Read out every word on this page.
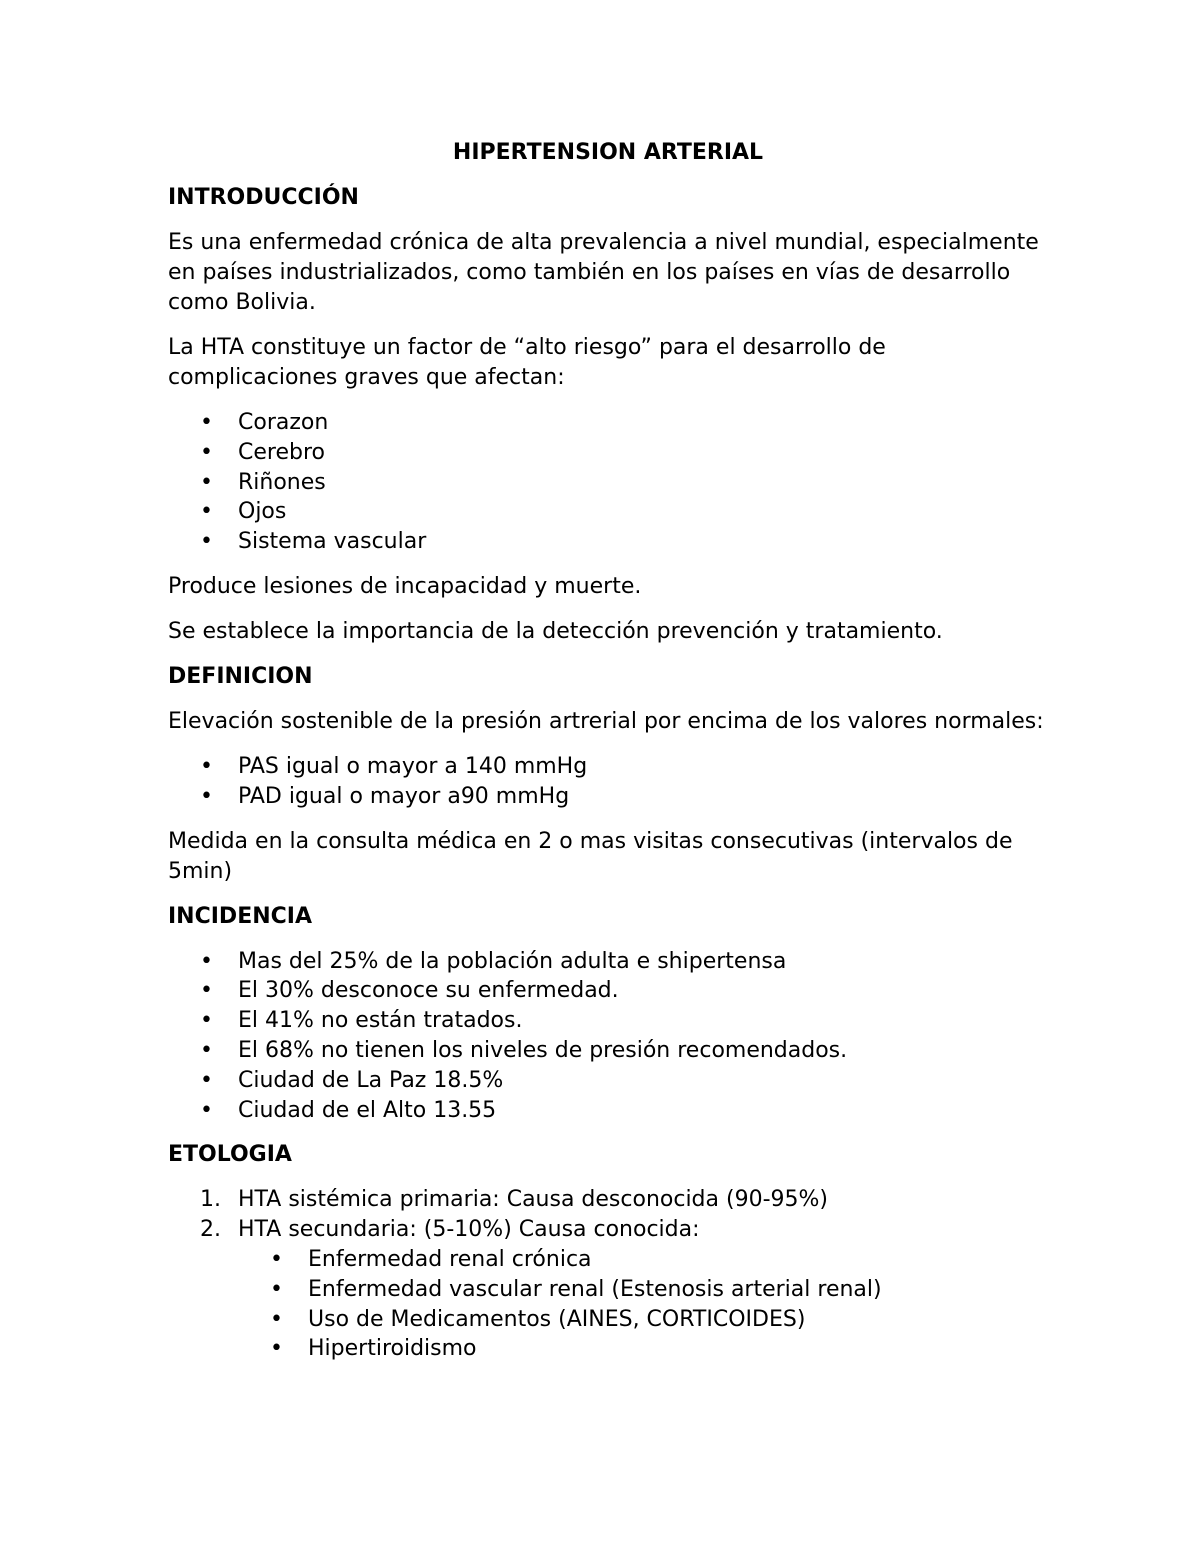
HIPERTENSION ARTERIAL
INTRODUCCIÓN

Es una enfermedad crónica de alta prevalencia a nivel mundial, especialmente en países industrializados, como también en los países en vías de desarrollo como Bolivia.

La HTA constituye un factor de “alto riesgo” para el desarrollo de complicaciones graves que afectan:

• Corazon
• Cerebro
• Riñones
• Ojos
• Sistema vascular

Produce lesiones de incapacidad y muerte.

Se establece la importancia de la detección prevención y tratamiento.

DEFINICION

Elevación sostenible de la presión artrerial por encima de los valores normales:

• PAS igual o mayor a 140 mmHg
• PAD igual o mayor a90 mmHg

Medida en la consulta médica en 2 o mas visitas consecutivas (intervalos de 5min)

INCIDENCIA
• Mas del 25% de la población adulta e shipertensa
• El 30% desconoce su enfermedad.
• El 41% no están tratados.
• El 68% no tienen los niveles de presión recomendados.
• Ciudad de La Paz 18.5%
• Ciudad de el Alto 13.55
ETOLOGIA
1. HTA sistémica primaria: Causa desconocida (90-95%)
2. HTA secundaria: (5-10%) Causa conocida:
• Enfermedad renal crónica
• Enfermedad vascular renal (Estenosis arterial renal)
• Uso de Medicamentos (AINES, CORTICOIDES)
• Hipertiroidismo
